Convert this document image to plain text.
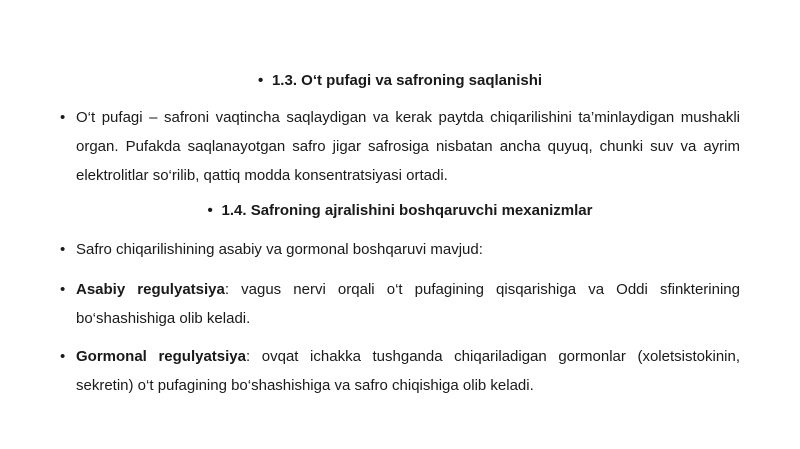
• 1.3. O‘t pufagi va safroning saqlanishi

• O‘t pufagi – safroni vaqtincha saqlaydigan va kerak paytda chiqarilishini ta’minlaydigan mushakli organ. Pufakda saqlanayotgan safro jigar safrosiga nisbatan ancha quyuq, chunki suv va ayrim elektrolitlar so‘rilib, qattiq modda konsentratsiyasi ortadi.

• 1.4. Safroning ajralishini boshqaruvchi mexanizmlar

• Safro chiqarilishining asabiy va gormonal boshqaruvi mavjud:

• Asabiy regulyatsiya: vagus nervi orqali o‘t pufagining qisqarishiga va Oddi sfinkterining bo‘shashishiga olib keladi.

• Gormonal regulyatsiya: ovqat ichakka tushganda chiqariladigan gormonlar (xoletsistokinin, sekretin) o‘t pufagining bo‘shashishiga va safro chiqishiga olib keladi.
